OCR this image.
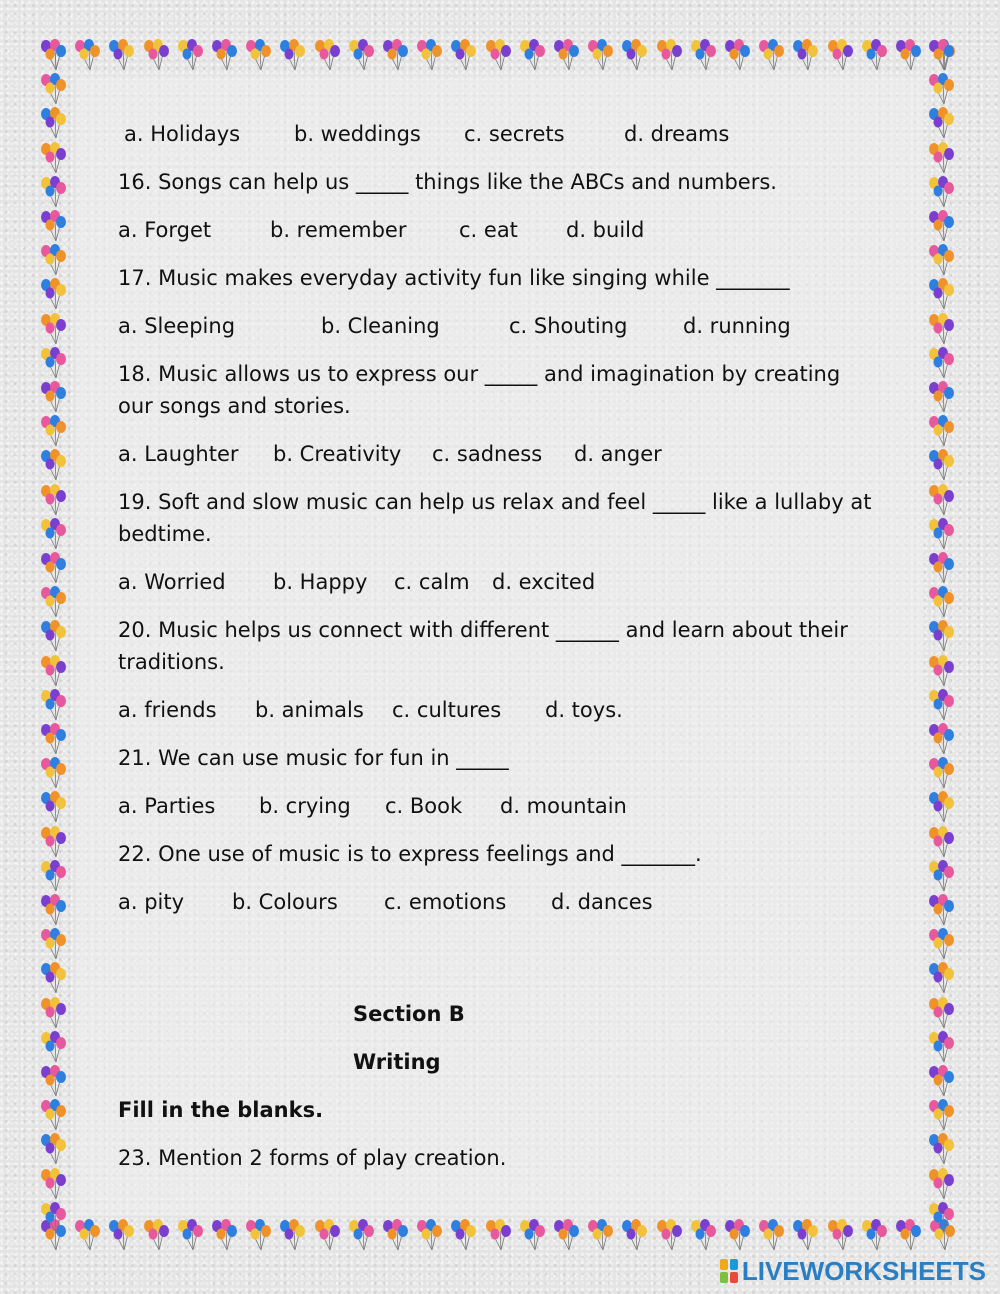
a. Holidays	b. weddings c. secrets	d. dreams
16. Songs can help us _____ things like the ABCs and numbers.
a. Forget	b. remember	c. eat d. build
17. Music makes everyday activity fun like singing while _______
a. Sleeping	b. Cleaning	c. Shouting	d. running
18. Music allows us to express our _____ and imagination by creating our songs and stories.
a. Laughter b. Creativity c. sadness d. anger
19. Soft and slow music can help us relax and feel _____ like a lullaby at bedtime.
a. Worried b. Happy c. calm d. excited
20. Music helps us connect with different ______ and learn about their traditions.
a. friends b. animals c. cultures d. toys.
21. We can use music for fun in _____
a. Parties b. crying c. Book d. mountain
22. One use of music is to express feelings and _______.
a. pity b. Colours c. emotions d. dances
Section B
Writing
Fill in the blanks.
23. Mention 2 forms of play creation.
LIVEWORKSHEETS
